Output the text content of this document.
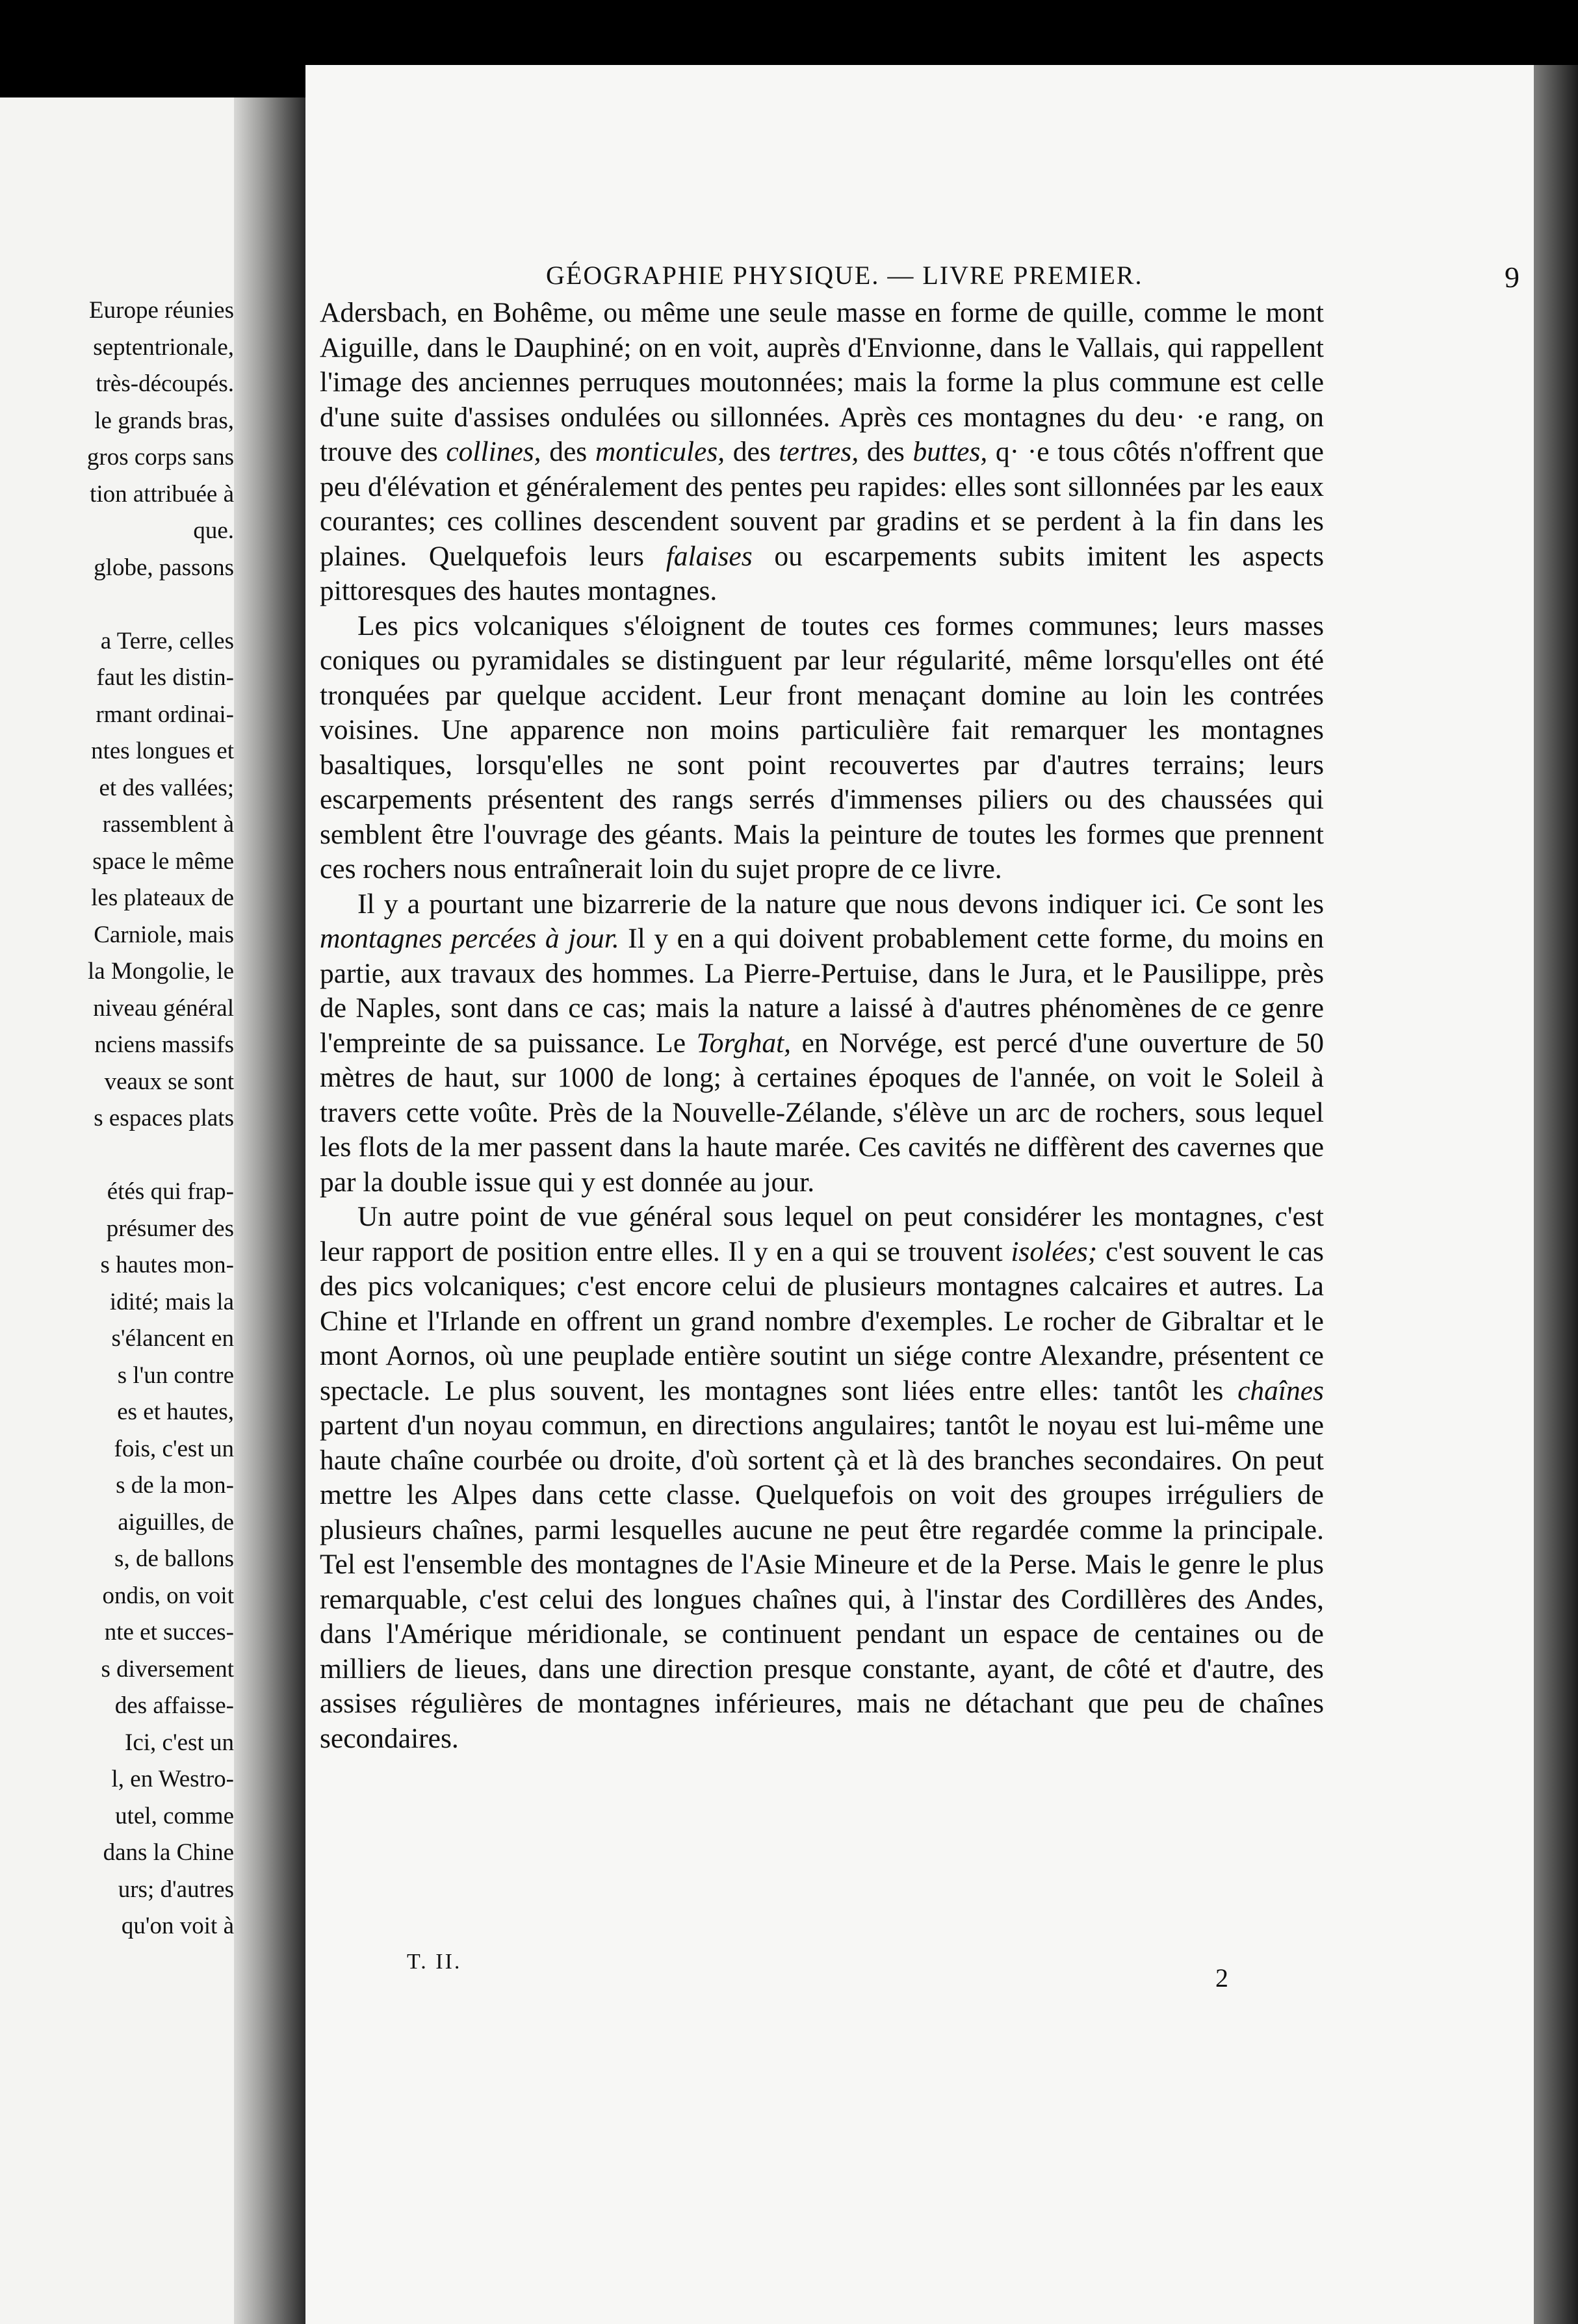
Europe réunies
septentrionale,
très-découpés.
le grands bras,
gros corps sans
tion attribuée à
que.
globe, passons
a Terre, celles
faut les distin-
rmant ordinai-
ntes longues et
et des vallées;
rassemblent à
space le même
les plateaux de
Carniole, mais
la Mongolie, le
niveau général
nciens massifs
veaux se sont
s espaces plats
étés qui frap-
présumer des
s hautes mon-
idité; mais la
s'élancent en
s l'un contre
es et hautes,
fois, c'est un
s de la mon-
aiguilles, de
s, de ballons
ondis, on voit
nte et succes-
s diversement
des affaisse-
Ici, c'est un
l, en Westro-
utel, comme
dans la Chine
urs; d'autres
qu'on voit à
GÉOGRAPHIE PHYSIQUE. — LIVRE PREMIER.	9

Adersbach, en Bohême, ou même une seule masse en forme de quille, comme le mont Aiguille, dans le Dauphiné; on en voit, auprès d'Envionne, dans le Vallais, qui rappellent l'image des anciennes perruques moutonnées; mais la forme la plus commune est celle d'une suite d'assises ondulées ou sillonnées. Après ces montagnes du deu· ·e rang, on trouve des collines, des monticules, des tertres, des buttes, q· ·e tous côtés n'offrent que peu d'élévation et généralement des pentes peu rapides: elles sont sillonnées par les eaux courantes; ces collines descendent souvent par gradins et se perdent à la fin dans les plaines. Quelquefois leurs falaises ou escarpements subits imitent les aspects pittoresques des hautes montagnes.

Les pics volcaniques s'éloignent de toutes ces formes communes; leurs masses coniques ou pyramidales se distinguent par leur régularité, même lorsqu'elles ont été tronquées par quelque accident. Leur front menaçant domine au loin les contrées voisines. Une apparence non moins particulière fait remarquer les montagnes basaltiques, lorsqu'elles ne sont point recouvertes par d'autres terrains; leurs escarpements présentent des rangs serrés d'immenses piliers ou des chaussées qui semblent être l'ouvrage des géants. Mais la peinture de toutes les formes que prennent ces rochers nous entraînerait loin du sujet propre de ce livre.

Il y a pourtant une bizarrerie de la nature que nous devons indiquer ici. Ce sont les montagnes percées à jour. Il y en a qui doivent probablement cette forme, du moins en partie, aux travaux des hommes. La Pierre-Pertuise, dans le Jura, et le Pausilippe, près de Naples, sont dans ce cas; mais la nature a laissé à d'autres phénomènes de ce genre l'empreinte de sa puissance. Le Torghat, en Norvége, est percé d'une ouverture de 50 mètres de haut, sur 1000 de long; à certaines époques de l'année, on voit le Soleil à travers cette voûte. Près de la Nouvelle-Zélande, s'élève un arc de rochers, sous lequel les flots de la mer passent dans la haute marée. Ces cavités ne diffèrent des cavernes que par la double issue qui y est donnée au jour.

Un autre point de vue général sous lequel on peut considérer les montagnes, c'est leur rapport de position entre elles. Il y en a qui se trouvent isolées; c'est souvent le cas des pics volcaniques; c'est encore celui de plusieurs montagnes calcaires et autres. La Chine et l'Irlande en offrent un grand nombre d'exemples. Le rocher de Gibraltar et le mont Aornos, où une peuplade entière soutint un siége contre Alexandre, présentent ce spectacle. Le plus souvent, les montagnes sont liées entre elles: tantôt les chaînes partent d'un noyau commun, en directions angulaires; tantôt le noyau est lui-même une haute chaîne courbée ou droite, d'où sortent çà et là des branches secondaires. On peut mettre les Alpes dans cette classe. Quelquefois on voit des groupes irréguliers de plusieurs chaînes, parmi lesquelles aucune ne peut être regardée comme la principale. Tel est l'ensemble des montagnes de l'Asie Mineure et de la Perse. Mais le genre le plus remarquable, c'est celui des longues chaînes qui, à l'instar des Cordillères des Andes, dans l'Amérique méridionale, se continuent pendant un espace de centaines ou de milliers de lieues, dans une direction presque constante, ayant, de côté et d'autre, des assises régulières de montagnes inférieures, mais ne détachant que peu de chaînes secondaires.

T. II.
2
